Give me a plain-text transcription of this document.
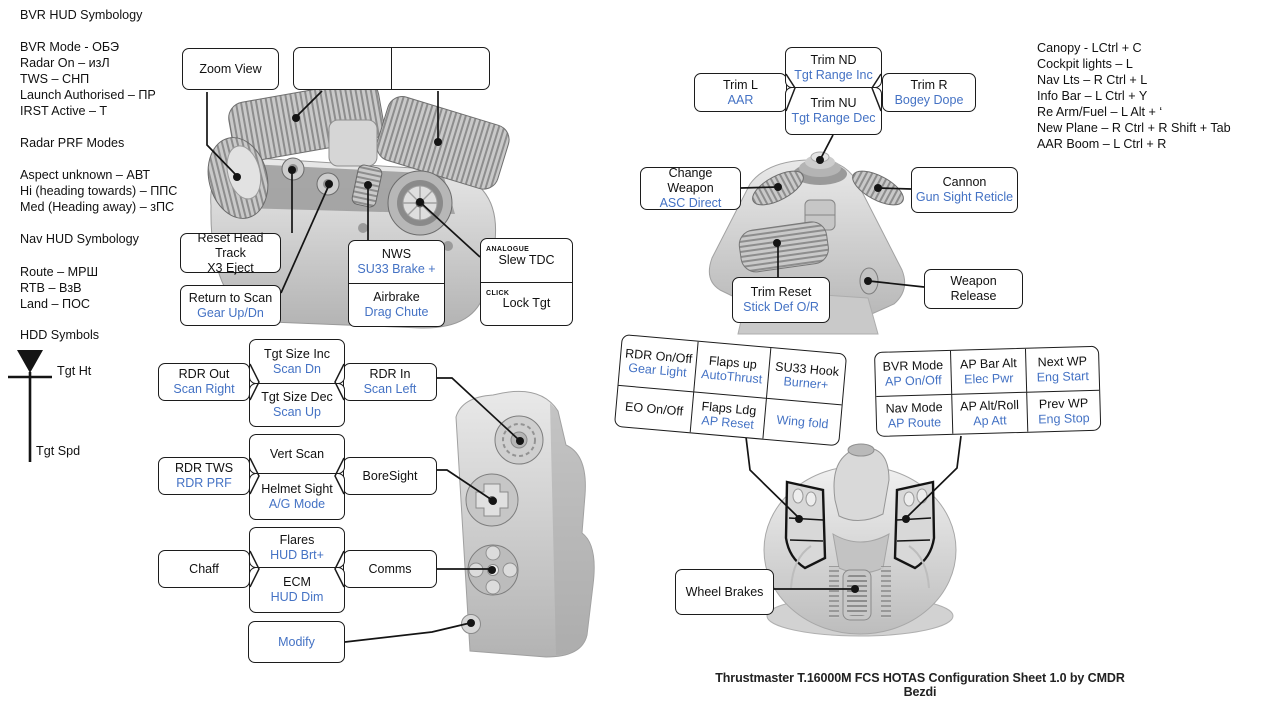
BVR HUD Symbology
BVR Mode - ОБЭ
Radar On – изЛ
TWS – СНП
Launch Authorised – ПР
IRST Active – T
Radar PRF Modes
Aspect unknown – АВТ
Hi (heading towards) – ППС
Med (Heading away) – зПС
Nav HUD Symbology
Route – МРШ
RTB – ВзВ
Land – ПОС
HDD Symbols
Tgt Ht
Tgt Spd
Canopy - LCtrl + C
Cockpit lights – L
Nav Lts – R Ctrl + L
Info Bar – L Ctrl + Y
Re Arm/Fuel – L Alt + ‘
New Plane – R Ctrl + R Shift + Tab
AAR Boom – L Ctrl + R
Zoom View
Reset Head Track
X3 Eject
Return to Scan
Gear Up/Dn
NWS
SU33 Brake +
Airbrake
Drag Chute
ANALOGUE
Slew TDC
CLICK
Lock Tgt
RDR Out
Scan Right
RDR In
Scan Left
Tgt Size Inc
Scan Dn
Tgt Size Dec
Scan Up
RDR TWS
RDR PRF
BoreSight
Vert Scan
Helmet Sight
A/G Mode
Chaff	Comms
Flares
HUD Brt+
ECM
HUD Dim
Modify
Trim L
AAR
Trim R
Bogey Dope
Trim ND
Tgt Range Inc
Trim NU
Tgt Range Dec
Change Weapon
ASC Direct
Cannon
Gun Sight Reticle
Trim Reset
Stick Def O/R
Weapon Release
Wheel Brakes
RDR On/Off
Gear Light Flaps up
AutoThrust SU33 Hook
Burner+
EO On/Off Flaps Ldg
AP Reset Wing fold
BVR Mode
AP On/Off
AP Bar Alt
Elec Pwr
Next WP
Eng Start
Nav Mode
AP Route
AP Alt/Roll
Ap Att
Prev WP
Eng Stop
Thrustmaster T.16000M FCS HOTAS Configuration Sheet 1.0 by CMDR Bezdi
